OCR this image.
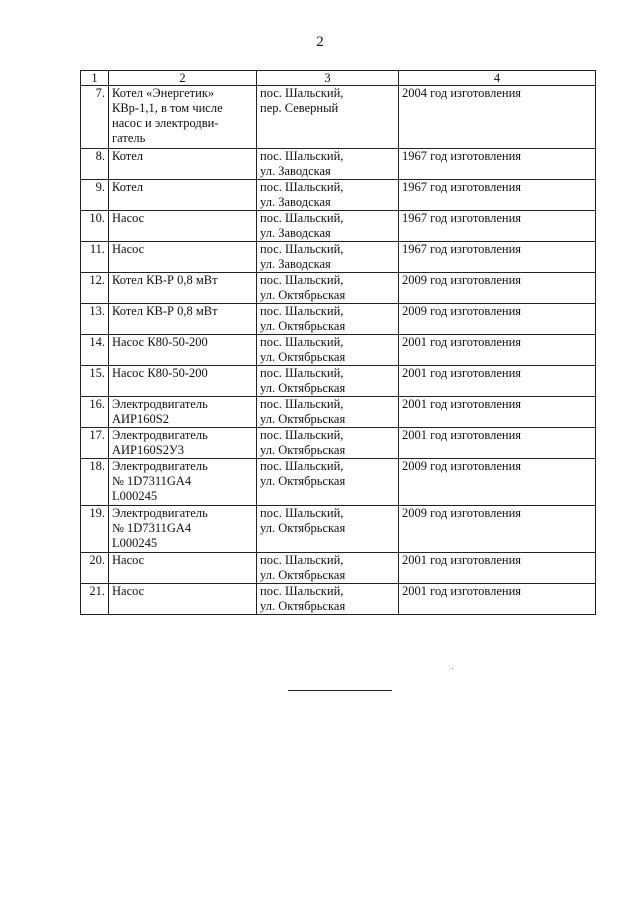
2
1	2	3	4
7.	Котел «Энергетик»
КВр-1,1, в том числе
насос и электродви-
гатель	пос. Шальский,
пер. Северный	2004 год изготовления
8.	Котел	пос. Шальский,
ул. Заводская	1967 год изготовления
9.	Котел	пос. Шальский,
ул. Заводская	1967 год изготовления
10.	Насос	пос. Шальский,
ул. Заводская	1967 год изготовления
11.	Насос	пос. Шальский,
ул. Заводская	1967 год изготовления
12.	Котел КВ-Р 0,8 мВт	пос. Шальский,
ул. Октябрьская	2009 год изготовления
13.	Котел КВ-Р 0,8 мВт	пос. Шальский,
ул. Октябрьская	2009 год изготовления
14.	Насос К80-50-200	пос. Шальский,
ул. Октябрьская	2001 год изготовления
15.	Насос К80-50-200	пос. Шальский,
ул. Октябрьская	2001 год изготовления
16.	Электродвигатель
АИР160S2	пос. Шальский,
ул. Октябрьская	2001 год изготовления
17.	Электродвигатель
АИР160S2У3	пос. Шальский,
ул. Октябрьская	2001 год изготовления
18.	Электродвигатель
№ 1D7311GA4
L000245	пос. Шальский,
ул. Октябрьская	2009 год изготовления
19.	Электродвигатель
№ 1D7311GA4
L000245	пос. Шальский,
ул. Октябрьская	2009 год изготовления
20.	Насос	пос. Шальский,
ул. Октябрьская	2001 год изготовления
21.	Насос	пос. Шальский,
ул. Октябрьская	2001 год изготовления
